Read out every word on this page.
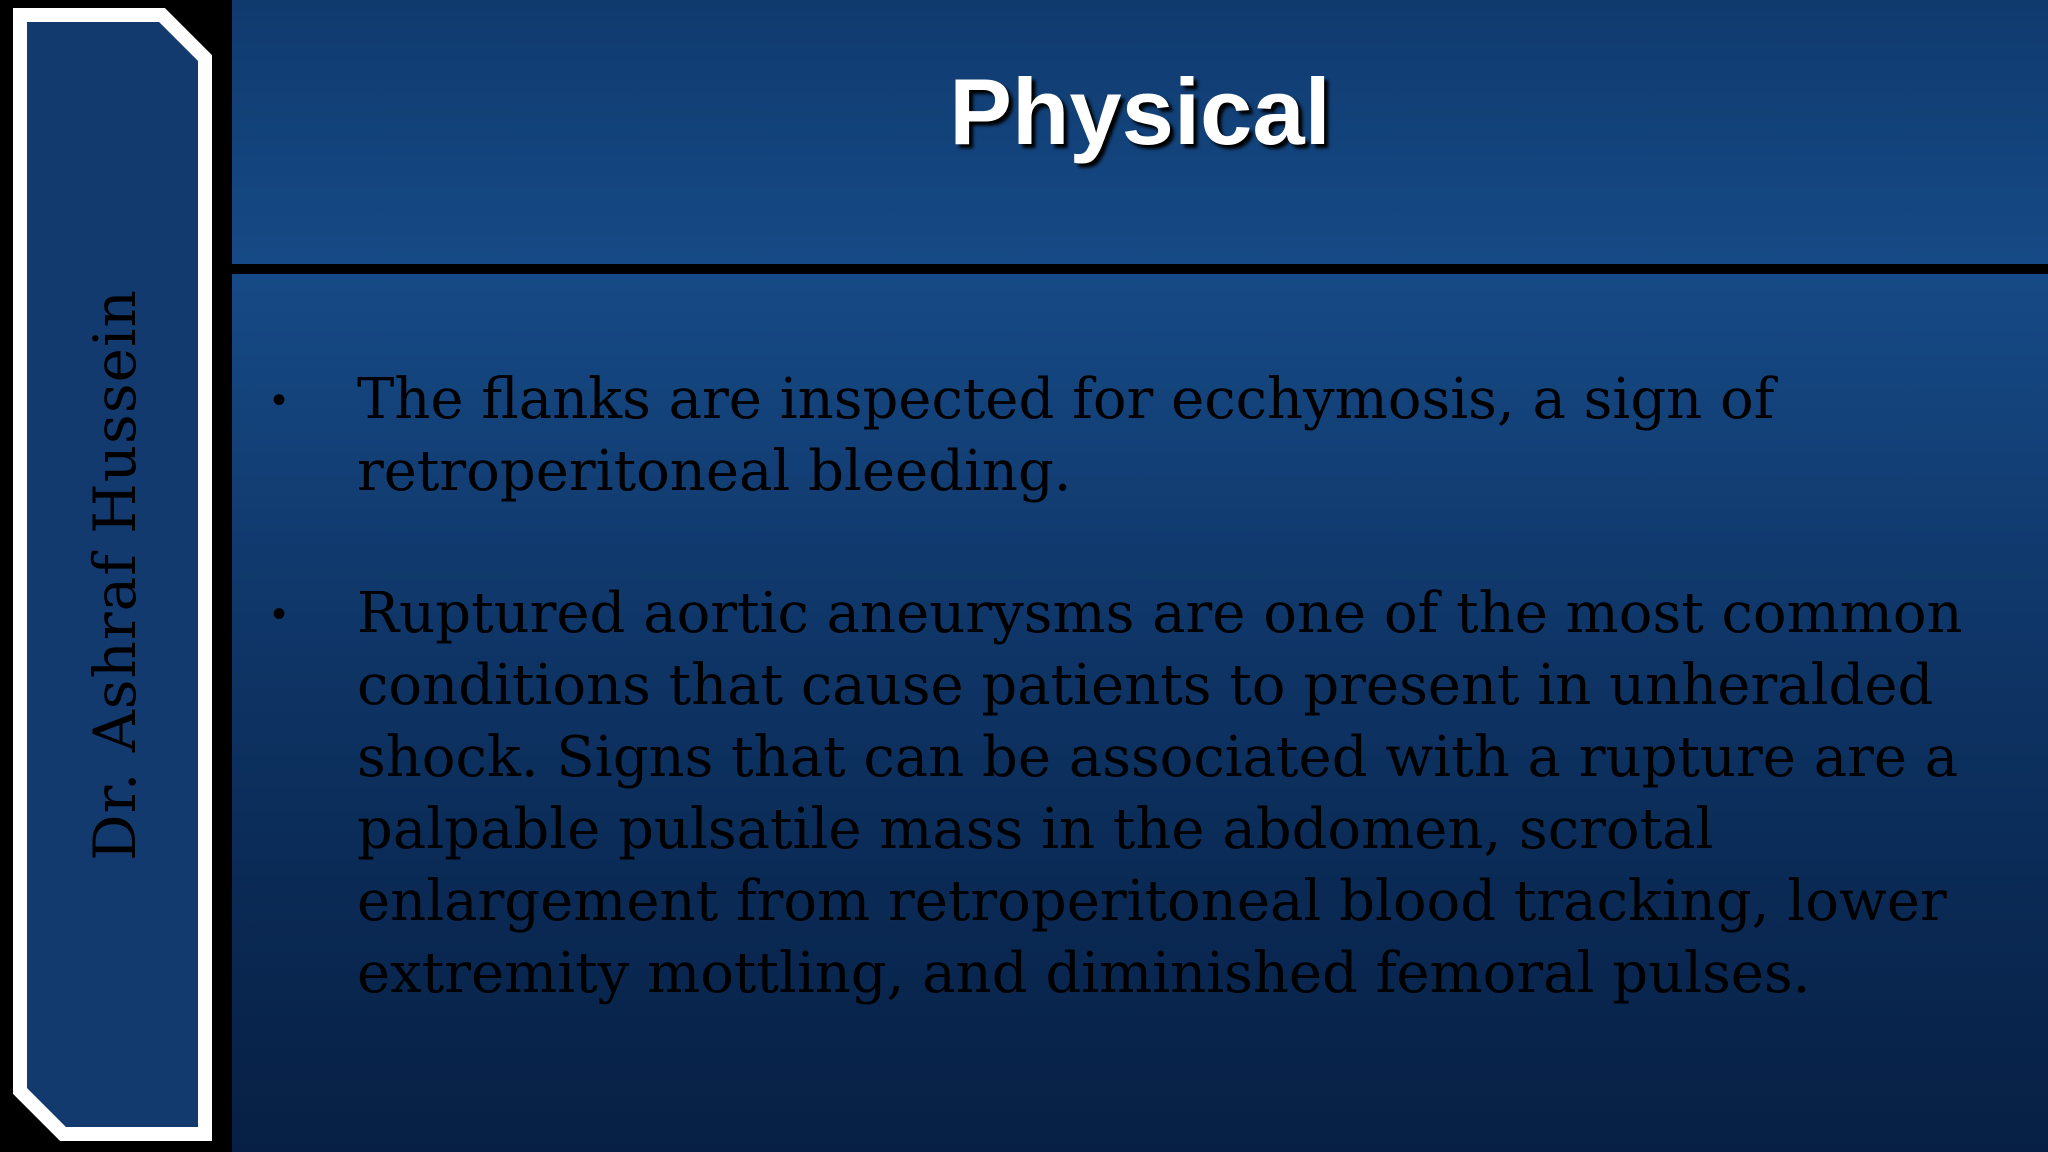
Dr. Ashraf Hussein
Physical
• The flanks are inspected for ecchymosis, a sign of retroperitoneal bleeding.
• Ruptured aortic aneurysms are one of the most common conditions that cause patients to present in unheralded shock. Signs that can be associated with a rupture are a palpable pulsatile mass in the abdomen, scrotal enlargement from retroperitoneal blood tracking, lower extremity mottling, and diminished femoral pulses.
